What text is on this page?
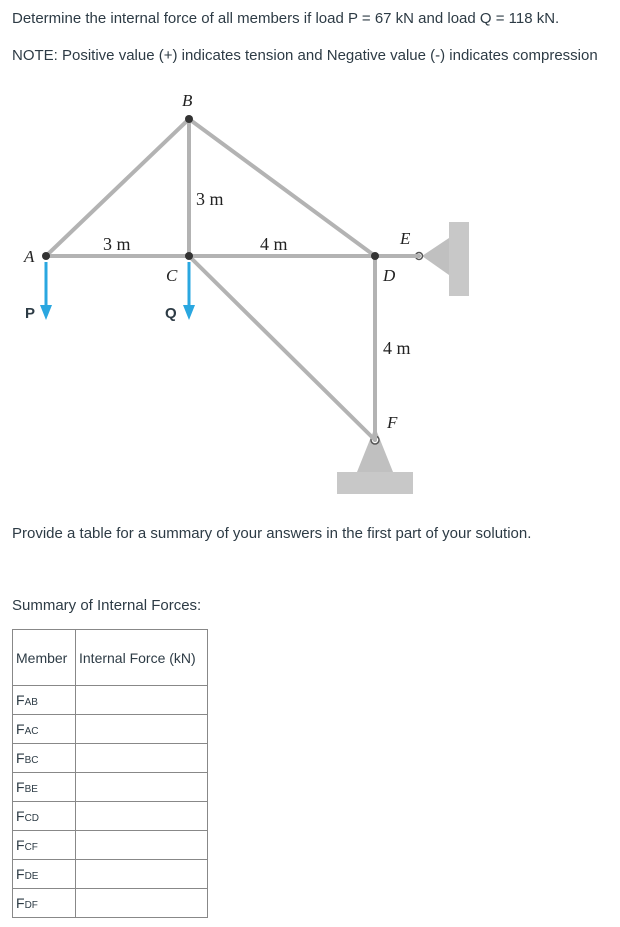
Determine the internal force of all members if load P = 67 kN and load Q = 118 kN.
NOTE: Positive value (+) indicates tension and Negative value (-) indicates compression
A
B
C	D
E
F
P	Q
3 m
3 m	4 m
4 m
Provide a table for a summary of your answers in the first part of your solution.
Summary of Internal Forces:
Member	Internal Force (kN)
FAB	
FAC	
FBC	
FBE	
FCD	
FCF	
FDE	
FDF	
